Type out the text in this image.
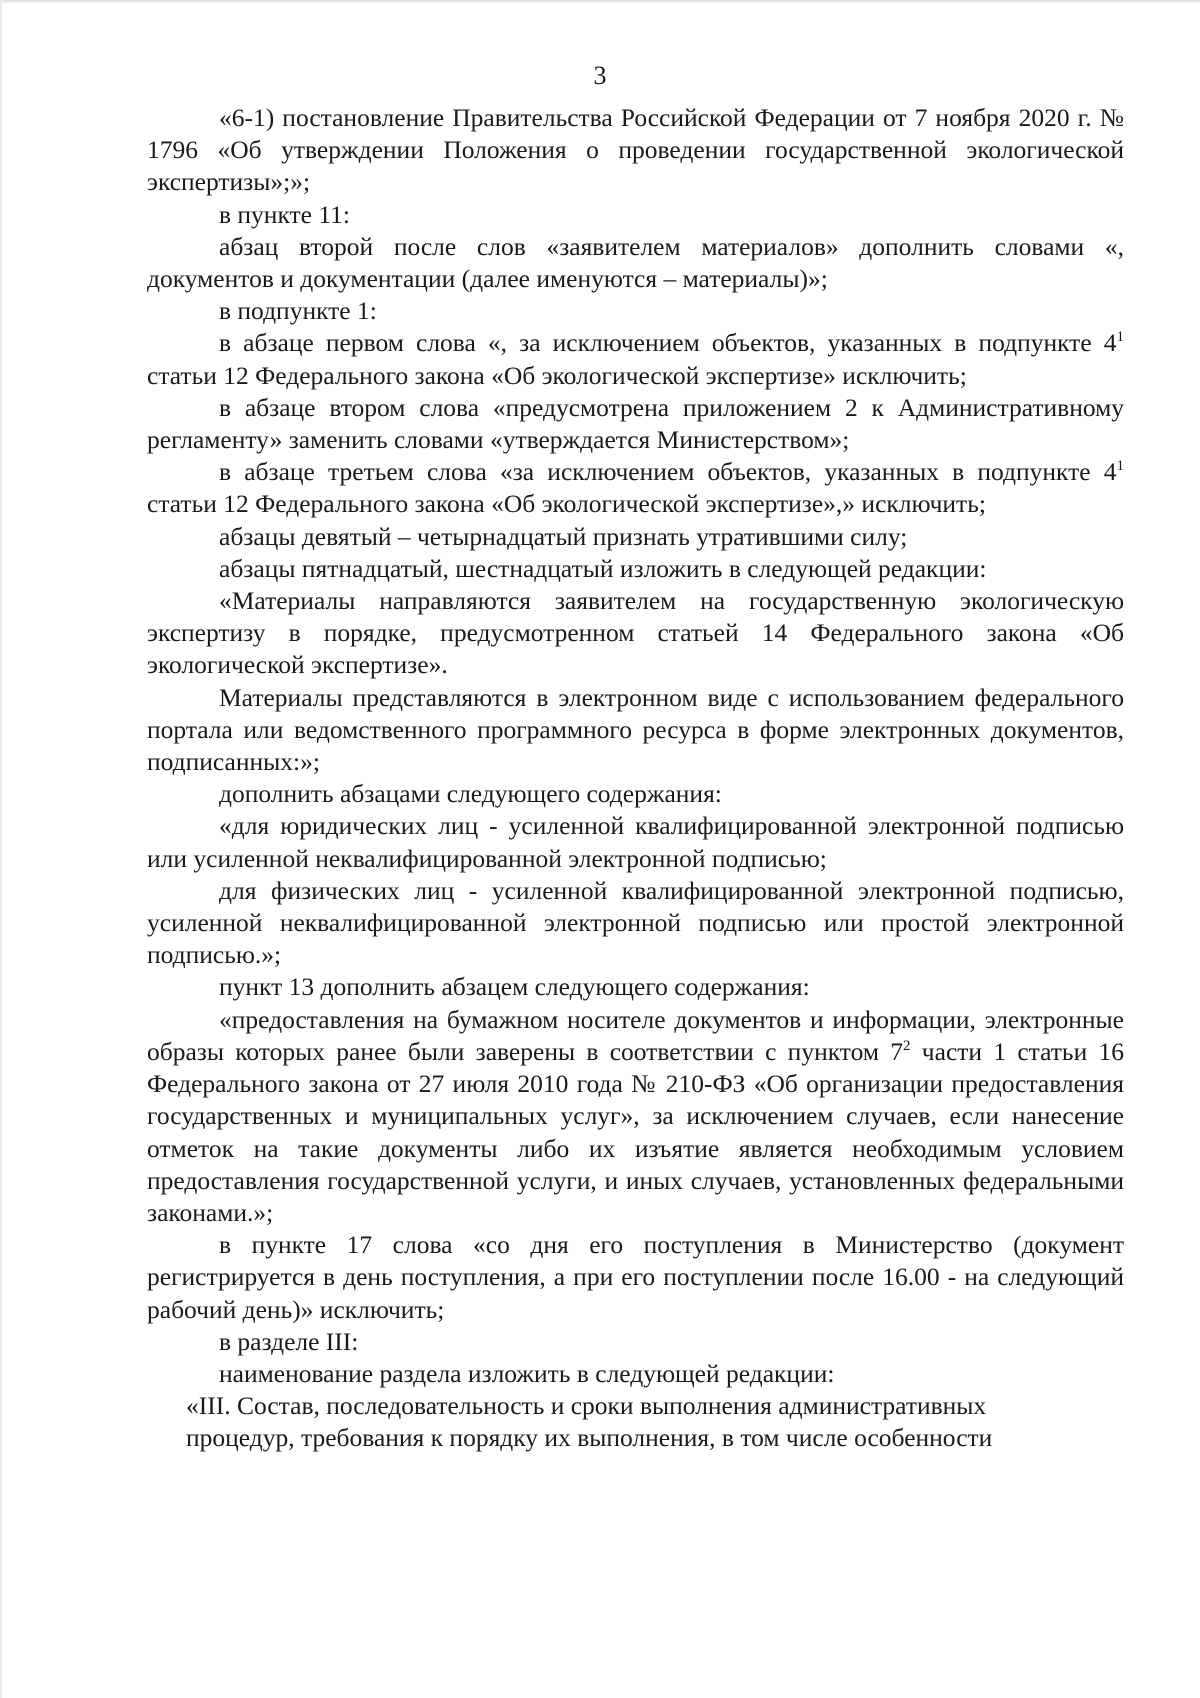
3

«6-1) постановление Правительства Российской Федерации от 7 ноября 2020 г. № 1796 «Об утверждении Положения о проведении государственной экологической экспертизы»;»;

в пункте 11:

абзац второй после слов «заявителем материалов» дополнить словами «, документов и документации (далее именуются – материалы)»;

в подпункте 1:

в абзаце первом слова «, за исключением объектов, указанных в подпункте $4^1$ статьи 12 Федерального закона «Об экологической экспертизе» исключить;

в абзаце втором слова «предусмотрена приложением 2 к Административному регламенту» заменить словами «утверждается Министерством»;

в абзаце третьем слова «за исключением объектов, указанных в подпункте $4^1$ статьи 12 Федерального закона «Об экологической экспертизе»,» исключить;

абзацы девятый – четырнадцатый признать утратившими силу;

абзацы пятнадцатый, шестнадцатый изложить в следующей редакции:

«Материалы направляются заявителем на государственную экологическую экспертизу в порядке, предусмотренном статьей 14 Федерального закона «Об экологической экспертизе».

Материалы представляются в электронном виде с использованием федерального портала или ведомственного программного ресурса в форме электронных документов, подписанных:»;

дополнить абзацами следующего содержания:

«для юридических лиц - усиленной квалифицированной электронной подписью или усиленной неквалифицированной электронной подписью;

для физических лиц - усиленной квалифицированной электронной подписью, усиленной неквалифицированной электронной подписью или простой электронной подписью.»;

пункт 13 дополнить абзацем следующего содержания:

«предоставления на бумажном носителе документов и информации, электронные образы которых ранее были заверены в соответствии с пунктом $7^2$ части 1 статьи 16 Федерального закона от 27 июля 2010 года № 210-ФЗ «Об организации предоставления государственных и муниципальных услуг», за исключением случаев, если нанесение отметок на такие документы либо их изъятие является необходимым условием предоставления государственной услуги, и иных случаев, установленных федеральными законами.»;

в пункте 17 слова «со дня его поступления в Министерство (документ регистрируется в день поступления, а при его поступлении после 16.00 - на следующий рабочий день)» исключить;

в разделе III:

наименование раздела изложить в следующей редакции:

«III. Состав, последовательность и сроки выполнения административных
процедур, требования к порядку их выполнения, в том числе особенности
